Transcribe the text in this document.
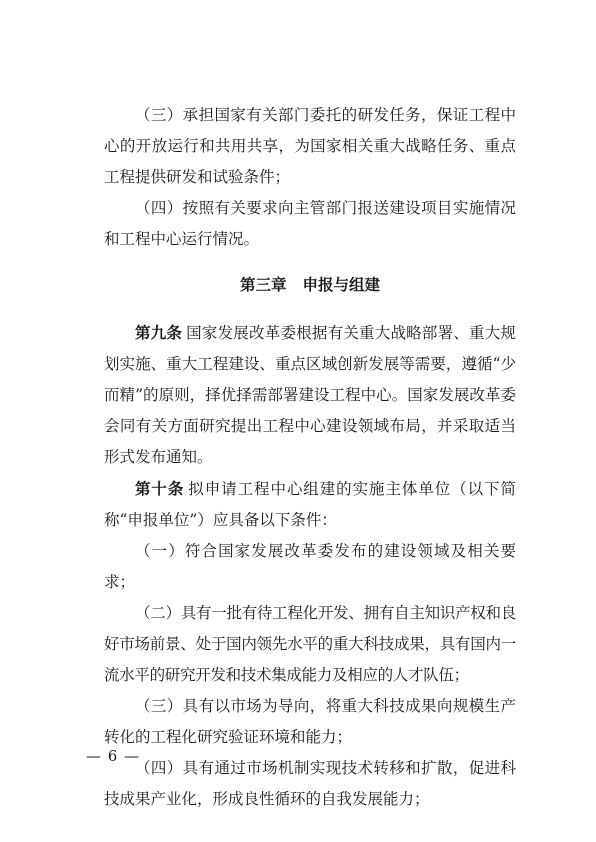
（三）承担国家有关部门委托的研发任务，保证工程中心的开放运行和共用共享，为国家相关重大战略任务、重点工程提供研发和试验条件；

（四）按照有关要求向主管部门报送建设项目实施情况和工程中心运行情况。

第三章 申报与组建

第九条 国家发展改革委根据有关重大战略部署、重大规划实施、重大工程建设、重点区域创新发展等需要，遵循“少而精”的原则，择优择需部署建设工程中心。国家发展改革委会同有关方面研究提出工程中心建设领域布局，并采取适当形式发布通知。

第十条 拟申请工程中心组建的实施主体单位（以下简称“申报单位”）应具备以下条件：

（一）符合国家发展改革委发布的建设领域及相关要求；

（二）具有一批有待工程化开发、拥有自主知识产权和良好市场前景、处于国内领先水平的重大科技成果，具有国内一流水平的研究开发和技术集成能力及相应的人才队伍；

（三）具有以市场为导向，将重大科技成果向规模生产转化的工程化研究验证环境和能力；

（四）具有通过市场机制实现技术转移和扩散，促进科技成果产业化，形成良性循环的自我发展能力；

— 6 —
